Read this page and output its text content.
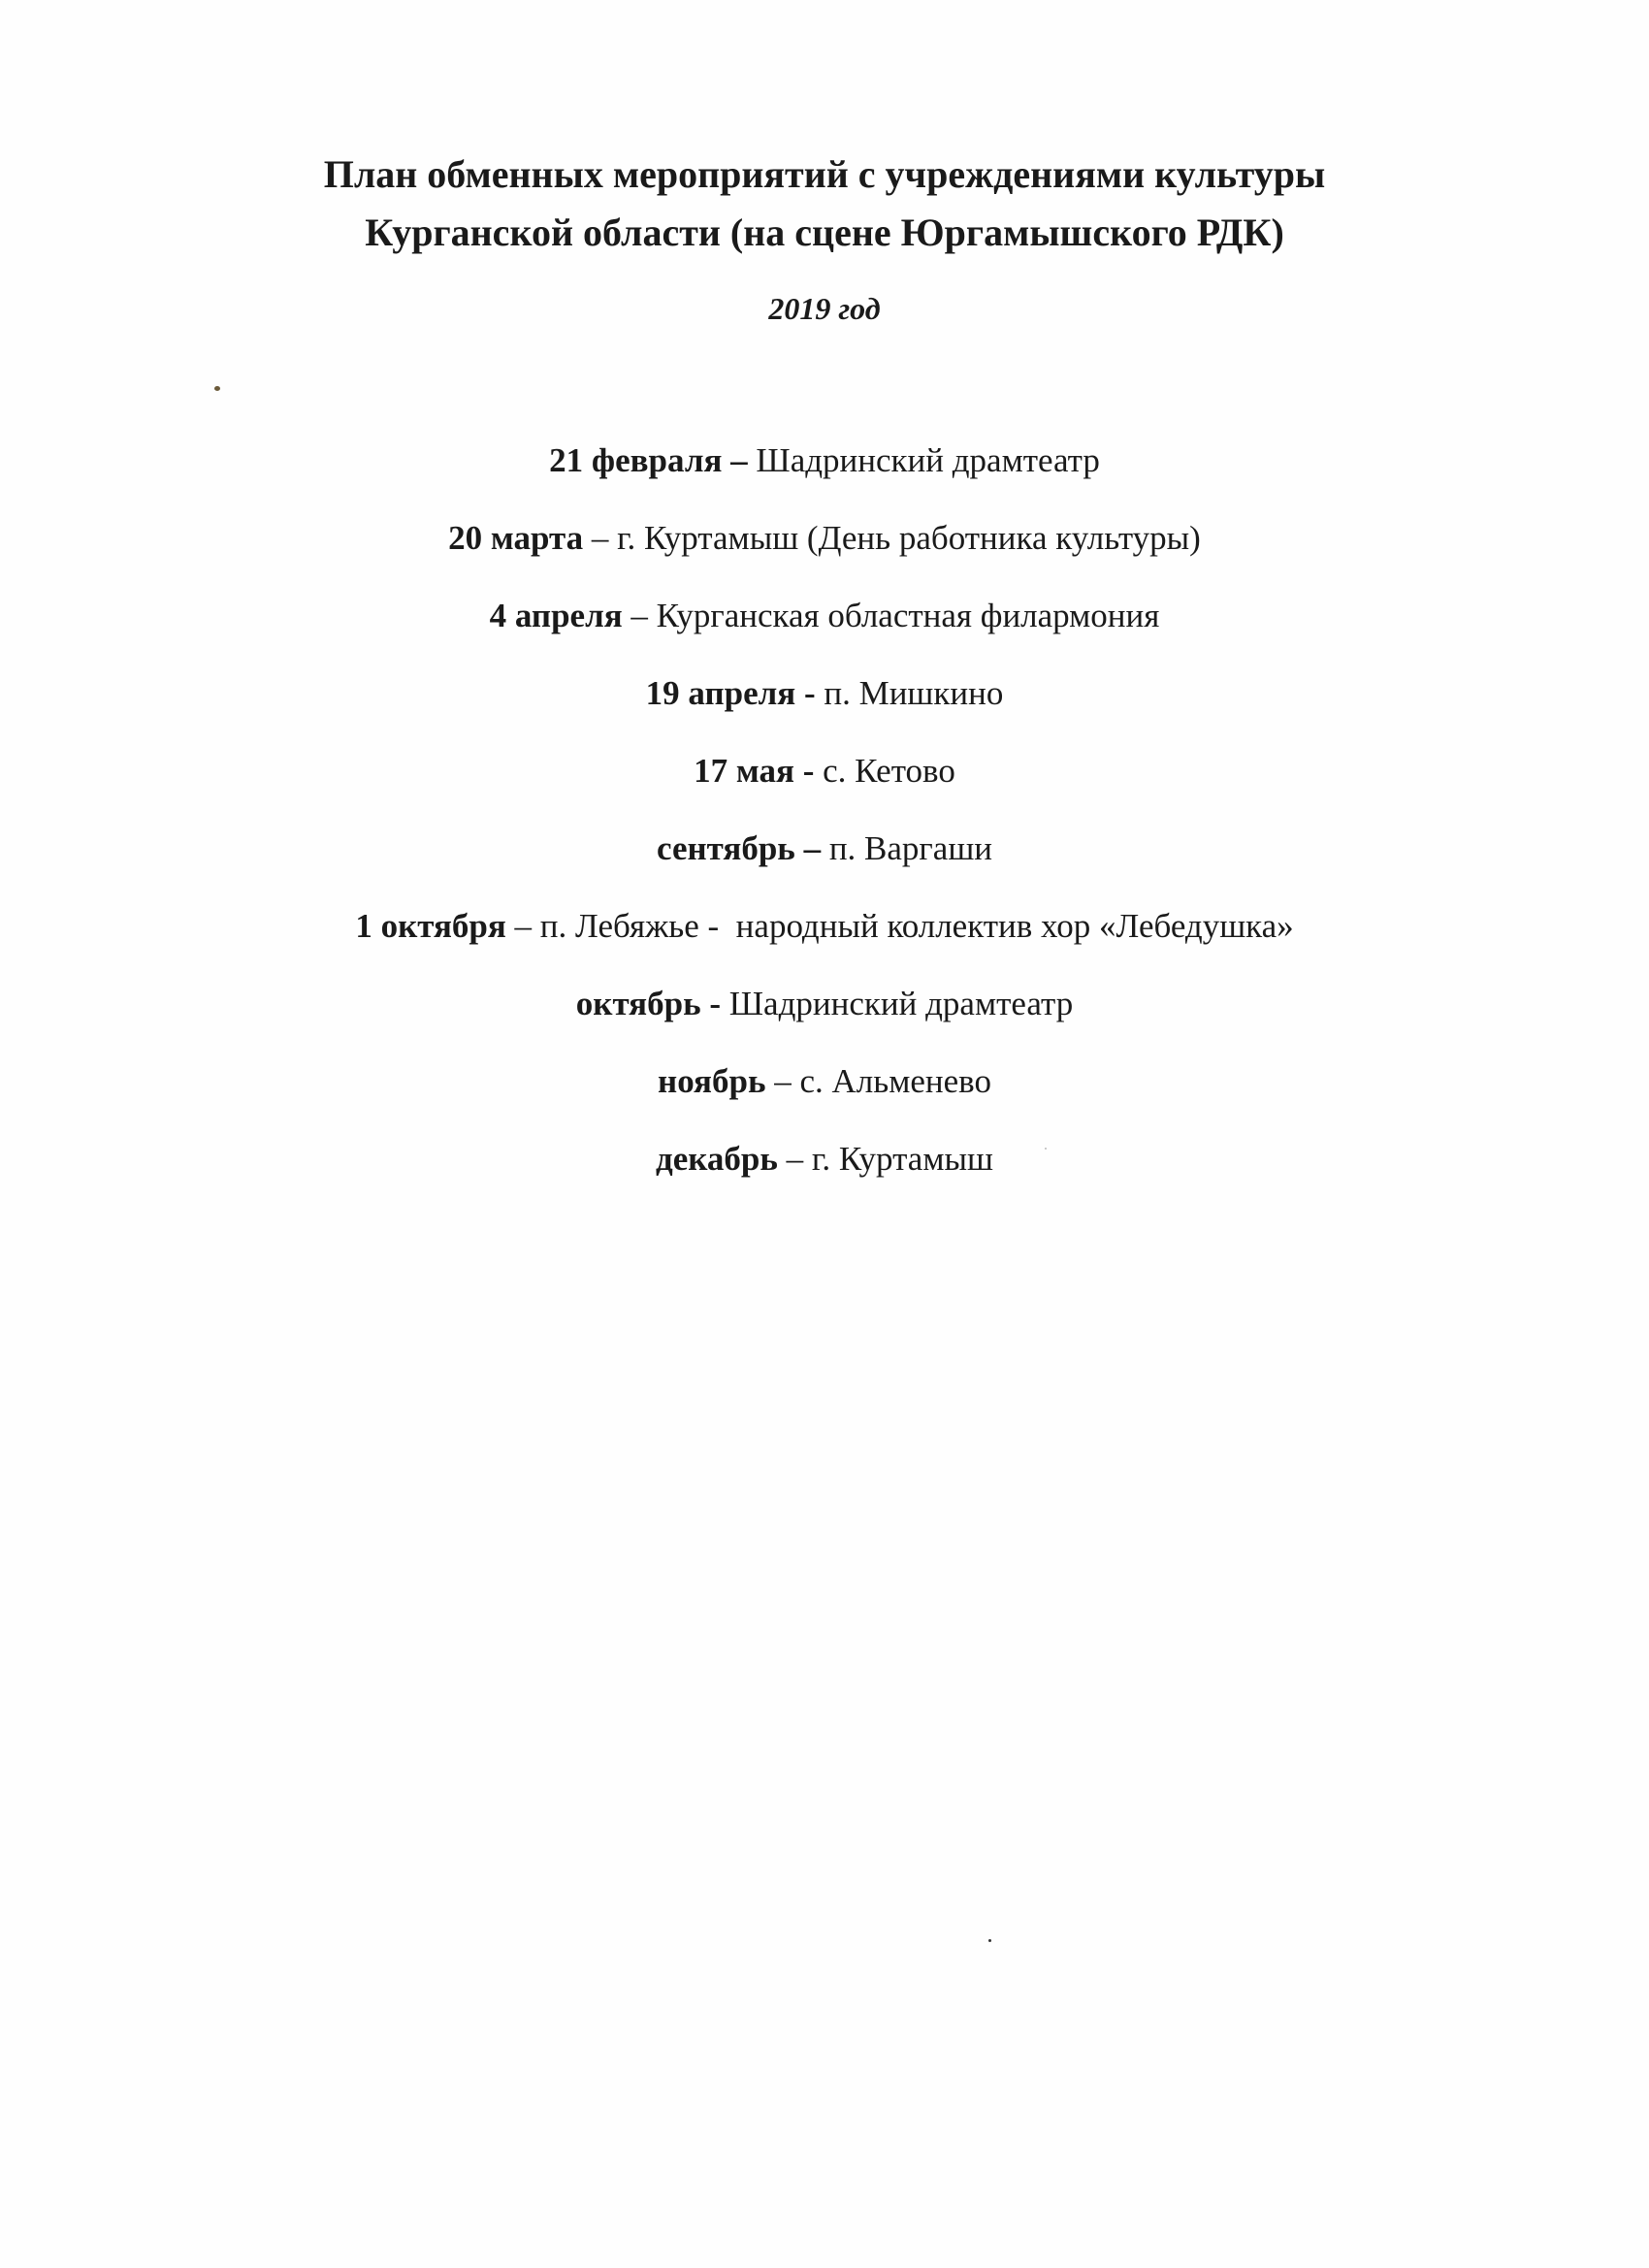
План обменных мероприятий с учреждениями культуры
Курганской области (на сцене Юргамышского РДК)
2019 год
21 февраля – Шадринский драмтеатр
20 марта – г. Куртамыш (День работника культуры)
4 апреля – Курганская областная филармония
19 апреля - п. Мишкино
17 мая - с. Кетово
сентябрь – п. Варгаши
1 октября – п. Лебяжье -  народный коллектив хор «Лебедушка»
октябрь - Шадринский драмтеатр
ноябрь – с. Альменево
декабрь – г. Куртамыш
